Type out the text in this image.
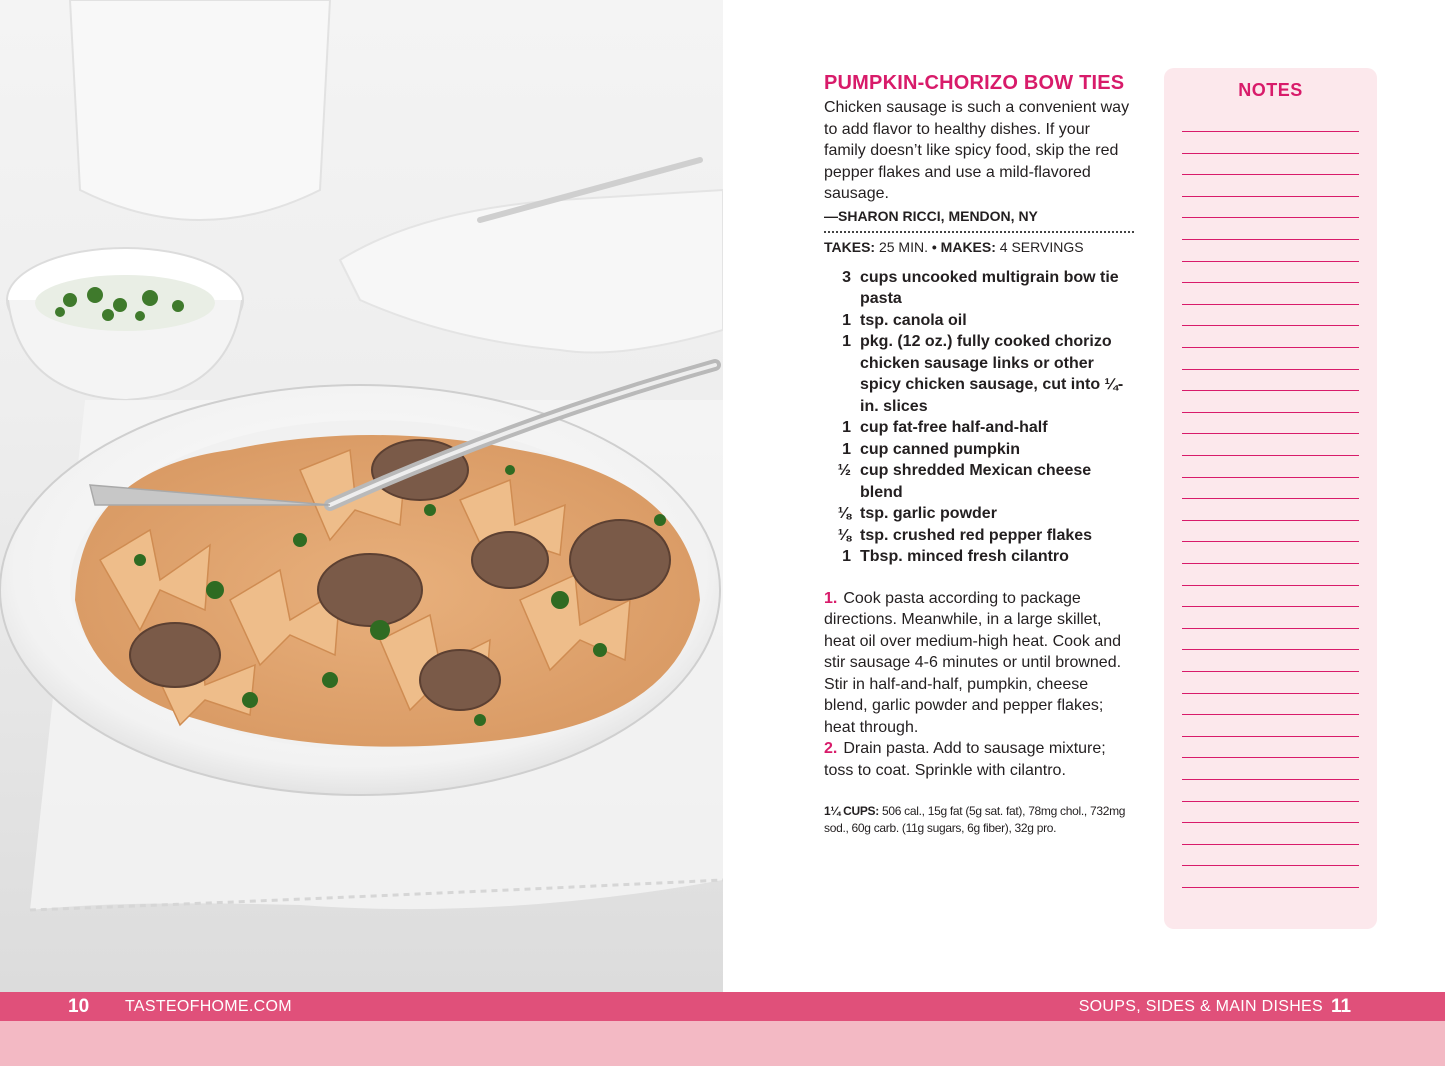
PUMPKIN-CHORIZO BOW TIES

Chicken sausage is such a convenient way to add flavor to healthy dishes. If your family doesn’t like spicy food, skip the red pepper flakes and use a mild-flavored sausage.

—SHARON RICCI, MENDON, NY

TAKES: 25 MIN. • MAKES: 4 SERVINGS

3 cups uncooked multigrain bow tie pasta
1 tsp. canola oil
1 pkg. (12 oz.) fully cooked chorizo chicken sausage links or other spicy chicken sausage, cut into ¼-in. slices
1 cup fat-free half-and-half
1 cup canned pumpkin
½ cup shredded Mexican cheese blend
⅛ tsp. garlic powder
⅛ tsp. crushed red pepper flakes
1 Tbsp. minced fresh cilantro

1. Cook pasta according to package directions. Meanwhile, in a large skillet, heat oil over medium-high heat. Cook and stir sausage 4-6 minutes or until browned. Stir in half-and-half, pumpkin, cheese blend, garlic powder and pepper flakes; heat through.

2. Drain pasta. Add to sausage mixture; toss to coat. Sprinkle with cilantro.

1¼ CUPS: 506 cal., 15g fat (5g sat. fat), 78mg chol., 732mg sod., 60g carb. (11g sugars, 6g fiber), 32g pro.

NOTES
10 TASTEOFHOME.COM	SOUPS, SIDES & MAIN DISHES 11
